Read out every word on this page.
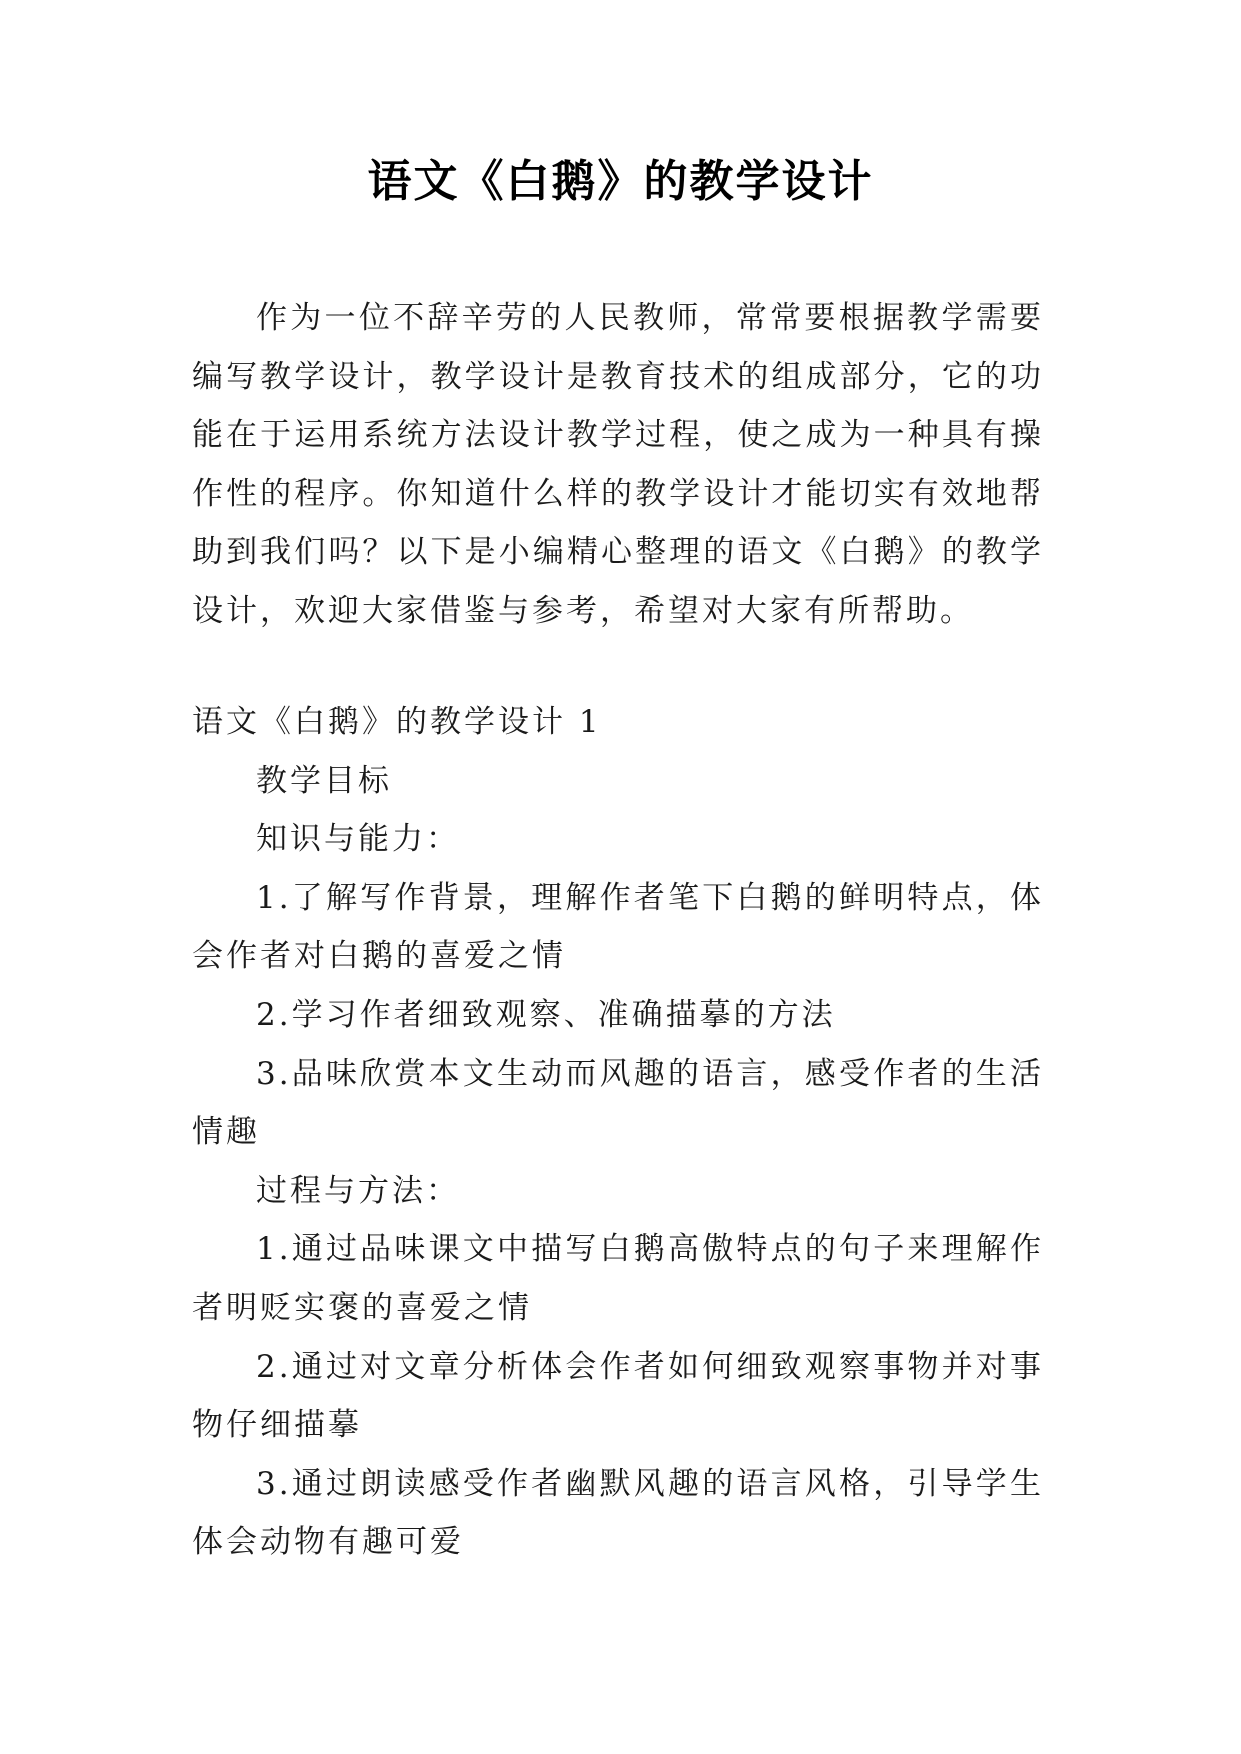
语文《白鹅》的教学设计

作为一位不辞辛劳的人民教师，常常要根据教学需要编写教学设计，教学设计是教育技术的组成部分，它的功能在于运用系统方法设计教学过程，使之成为一种具有操作性的程序。你知道什么样的教学设计才能切实有效地帮助到我们吗？以下是小编精心整理的语文《白鹅》的教学设计，欢迎大家借鉴与参考，希望对大家有所帮助。

语文《白鹅》的教学设计 1

教学目标

知识与能力：

1.了解写作背景，理解作者笔下白鹅的鲜明特点，体会作者对白鹅的喜爱之情

2.学习作者细致观察、准确描摹的方法

3.品味欣赏本文生动而风趣的语言，感受作者的生活情趣

过程与方法：

1.通过品味课文中描写白鹅高傲特点的句子来理解作者明贬实褒的喜爱之情

2.通过对文章分析体会作者如何细致观察事物并对事物仔细描摹

3.通过朗读感受作者幽默风趣的语言风格，引导学生体会动物有趣可爱
